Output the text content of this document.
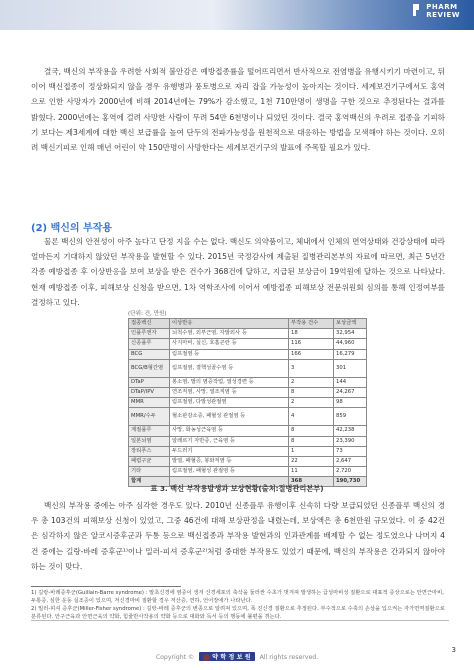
PHARM
REVIEW

결국, 백신의 부작용을 우려한 사회적 불안감은 예방접종률을 떨어뜨리면서 반사적으로 전염병을 유행시키기 마련이고, 뒤이어 백신접종이 정상화되지 않을 경우 유행병과 풍토병으로 자리 잡을 가능성이 높아지는 것이다. 세계보건기구에서도 홍역으로 인한 사망자가 2000년에 비해 2014년에는 79%가 감소했고, 1천 710만명이 생명을 구한 것으로 추정된다는 결과를 밝혔다. 2000년에는 홍역에 걸려 사망한 사람이 무려 54만 6천명이나 되었던 것이다. 결국 홍역백신의 우려로 접종을 기피하기 보다는 제3세계에 대한 백신 보급률을 높여 단두의 전파가능성을 원천적으로 대응하는 방법을 모색해야 하는 것이다. 오히려 백신기피로 인해 매년 어린이 약 150만명이 사망한다는 세계보건기구의 발표에 주목할 필요가 있다.

(2) 백신의 부작용

물론 백신의 안전성이 아주 높다고 단정 지을 수는 없다. 백신도 의약품이고, 체내에서 인체의 면역상태와 건강상태에 따라 얼마든지 기대하지 않았던 부작용을 발현할 수 있다. 2015년 국정감사에 제출된 질병관리본부의 자료에 따르면, 최근 5년간 각종 예방접종 후 이상반응을 보여 보상을 받은 건수가 368건에 달하고, 지급된 보상금이 19억원에 달하는 것으로 나타났다. 현재 예방접종 이후, 피해보상 신청을 받으면, 1차 역학조사에 이어서 예방접종 피해보상 전문위원회 심의를 통해 인정여부를 결정하고 있다.

(단위: 건, 만원)
접종백신	이상반응	부작용 건수	보상금액
인플루엔자	뇌척수염, 외부근염, 자발외사 등	18	32,954
신종플루	사지마비, 실신, 호흡곤란 등	116	44,960
BCG	림프절염 등	166	16,279
BCG/B형간염	림프절염, 결핵성골수염 등	3	301
DTaP	봉소염, 발의 염증작업, 열성경련 등	2	144
DTaP/IPV	연조직염, 사망, 열조직염 등	8	24,267
MMR	림프절염, 다발성관절염	2	98
MMR/수두	혈소판감소증, 패혈성 관절염 등	4	859
계절플루	사망, 화농성근육염 등	8	42,238
일본뇌염	알레르기 자반증, 근육염 등	8	23,390
장티푸스	두드러기	1	73
폐렴구균	발열, 패혈증, 봉와직염 등	22	2,647
기타	림프절염, 패혈성 관절염 등	11	2,720
합계		368	190,730
표 3. 백신 부작용발생과 보상현황(출처:질병관리본부)

백신의 부작용 중에는 아주 심각한 경우도 있다. 2010년 신종플루 유행이후 신속히 다량 보급되었던 신종플루 백신의 경우 총 103건의 피해보상 신청이 있었고, 그중 46건에 대해 보상판정을 내렸는데, 보상액은 총 6천만원 규모였다. 이 중 42건은 심각하지 않은 알코시증후군과 두통 등으로 백신접종과 부작용 발현과의 인과관계를 배제할 수 없는 정도였으나 나머지 4건 중에는 길랑-바레 증후군¹⁾이나 밀러-피셔 증후군²⁾처럼 중대한 부작용도 있었기 때문에, 백신의 부작용은 간과되지 않아야 하는 것이 맞다.

1) 길랑-바레증후군(Guillain-Barre syndrome) : 말초신경에 염증이 생겨 신경세포의 축삭을 둘러싼 수초가 벗겨져 발생하는 급성마비성 질환으로 대표적 증상으로는 안면근마비, 두통증, 심한 운동 실조증이 있으며, 저신경마비 질환할 경우 저산증, 연하, 언어장애가 나타난다.

2) 밀러-피셔 증후군(Miller-Fisher syndrome) : 길랑-바레 증후군의 변종으로 알려져 있으며, 폭 진신경 질환으로 추정된다. 부수적으로 수축의 손상을 입으켜는 자가면역질환으로 분류된다. 안구근육과 안면근육의 약화, 힘줄반사작용의 약화 등으로 대화와 독서 등의 행동에 불편을 겪는다.

Copyright ©	약 학 정 보 원 All rights reserved.
3
